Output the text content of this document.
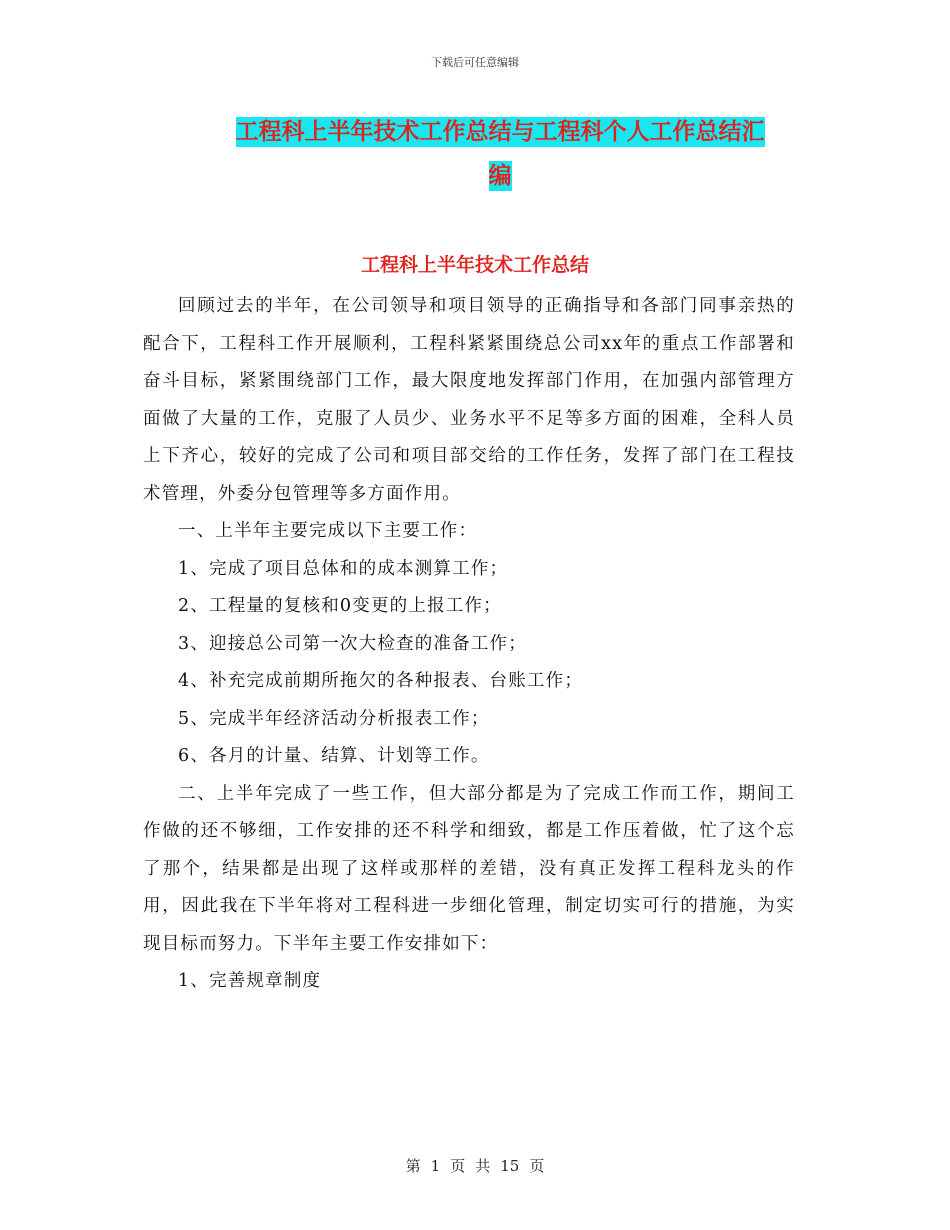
下载后可任意编辑
工程科上半年技术工作总结与工程科个人工作总结汇
编
工程科上半年技术工作总结

回顾过去的半年，在公司领导和项目领导的正确指导和各部门同事亲热的配合下，工程科工作开展顺利，工程科紧紧围绕总公司xx年的重点工作部署和奋斗目标，紧紧围绕部门工作，最大限度地发挥部门作用，在加强内部管理方面做了大量的工作，克服了人员少、业务水平不足等多方面的困难，全科人员上下齐心，较好的完成了公司和项目部交给的工作任务，发挥了部门在工程技术管理，外委分包管理等多方面作用。

一、上半年主要完成以下主要工作：

1、完成了项目总体和的成本测算工作；

2、工程量的复核和0变更的上报工作；

3、迎接总公司第一次大检查的准备工作；

4、补充完成前期所拖欠的各种报表、台账工作；

5、完成半年经济活动分析报表工作；

6、各月的计量、结算、计划等工作。

二、上半年完成了一些工作，但大部分都是为了完成工作而工作，期间工作做的还不够细，工作安排的还不科学和细致，都是工作压着做，忙了这个忘了那个，结果都是出现了这样或那样的差错，没有真正发挥工程科龙头的作用，因此我在下半年将对工程科进一步细化管理，制定切实可行的措施，为实现目标而努力。下半年主要工作安排如下：

1、完善规章制度

第 1 页 共 15 页
